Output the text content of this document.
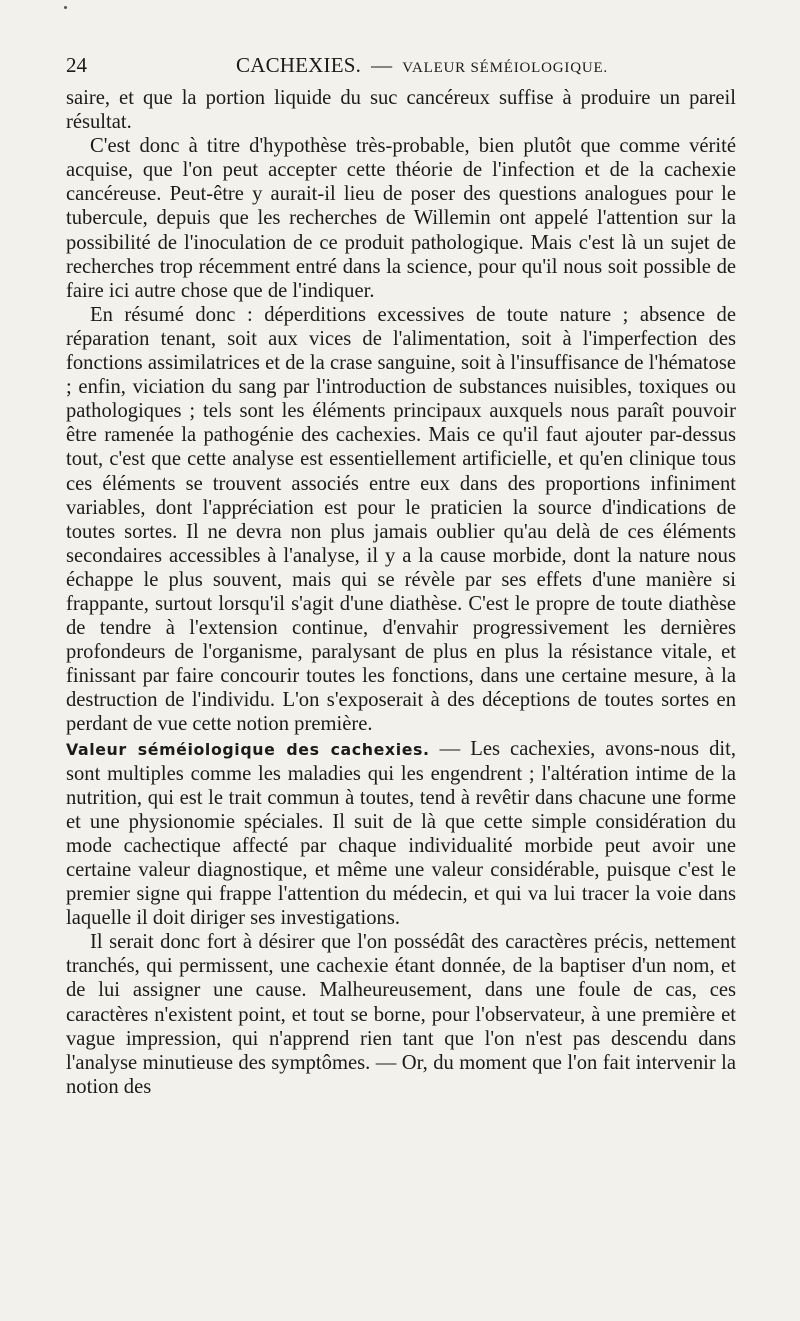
24	CACHEXIES. — VALEUR SÉMÉIOLOGIQUE.

saire, et que la portion liquide du suc cancéreux suffise à produire un pareil résultat.

C'est donc à titre d'hypothèse très-probable, bien plutôt que comme vérité acquise, que l'on peut accepter cette théorie de l'infection et de la cachexie cancéreuse. Peut-être y aurait-il lieu de poser des questions analogues pour le tubercule, depuis que les recherches de Willemin ont appelé l'attention sur la possibilité de l'inoculation de ce produit pathologique. Mais c'est là un sujet de recherches trop récemment entré dans la science, pour qu'il nous soit possible de faire ici autre chose que de l'indiquer.

En résumé donc : déperditions excessives de toute nature ; absence de réparation tenant, soit aux vices de l'alimentation, soit à l'imperfection des fonctions assimilatrices et de la crase sanguine, soit à l'insuffisance de l'hématose ; enfin, viciation du sang par l'introduction de substances nuisibles, toxiques ou pathologiques ; tels sont les éléments principaux auxquels nous paraît pouvoir être ramenée la pathogénie des cachexies. Mais ce qu'il faut ajouter par-dessus tout, c'est que cette analyse est essentiellement artificielle, et qu'en clinique tous ces éléments se trouvent associés entre eux dans des proportions infiniment variables, dont l'appréciation est pour le praticien la source d'indications de toutes sortes. Il ne devra non plus jamais oublier qu'au delà de ces éléments secondaires accessibles à l'analyse, il y a la cause morbide, dont la nature nous échappe le plus souvent, mais qui se révèle par ses effets d'une manière si frappante, surtout lorsqu'il s'agit d'une diathèse. C'est le propre de toute diathèse de tendre à l'extension continue, d'envahir progressivement les dernières profondeurs de l'organisme, paralysant de plus en plus la résistance vitale, et finissant par faire concourir toutes les fonctions, dans une certaine mesure, à la destruction de l'individu. L'on s'exposerait à des déceptions de toutes sortes en perdant de vue cette notion première.

Valeur séméiologique des cachexies. — Les cachexies, avons-nous dit, sont multiples comme les maladies qui les engendrent ; l'altération intime de la nutrition, qui est le trait commun à toutes, tend à revêtir dans chacune une forme et une physionomie spéciales. Il suit de là que cette simple considération du mode cachectique affecté par chaque individualité morbide peut avoir une certaine valeur diagnostique, et même une valeur considérable, puisque c'est le premier signe qui frappe l'attention du médecin, et qui va lui tracer la voie dans laquelle il doit diriger ses investigations.

Il serait donc fort à désirer que l'on possédât des caractères précis, nettement tranchés, qui permissent, une cachexie étant donnée, de la baptiser d'un nom, et de lui assigner une cause. Malheureusement, dans une foule de cas, ces caractères n'existent point, et tout se borne, pour l'observateur, à une première et vague impression, qui n'apprend rien tant que l'on n'est pas descendu dans l'analyse minutieuse des symptômes. — Or, du moment que l'on fait intervenir la notion des
